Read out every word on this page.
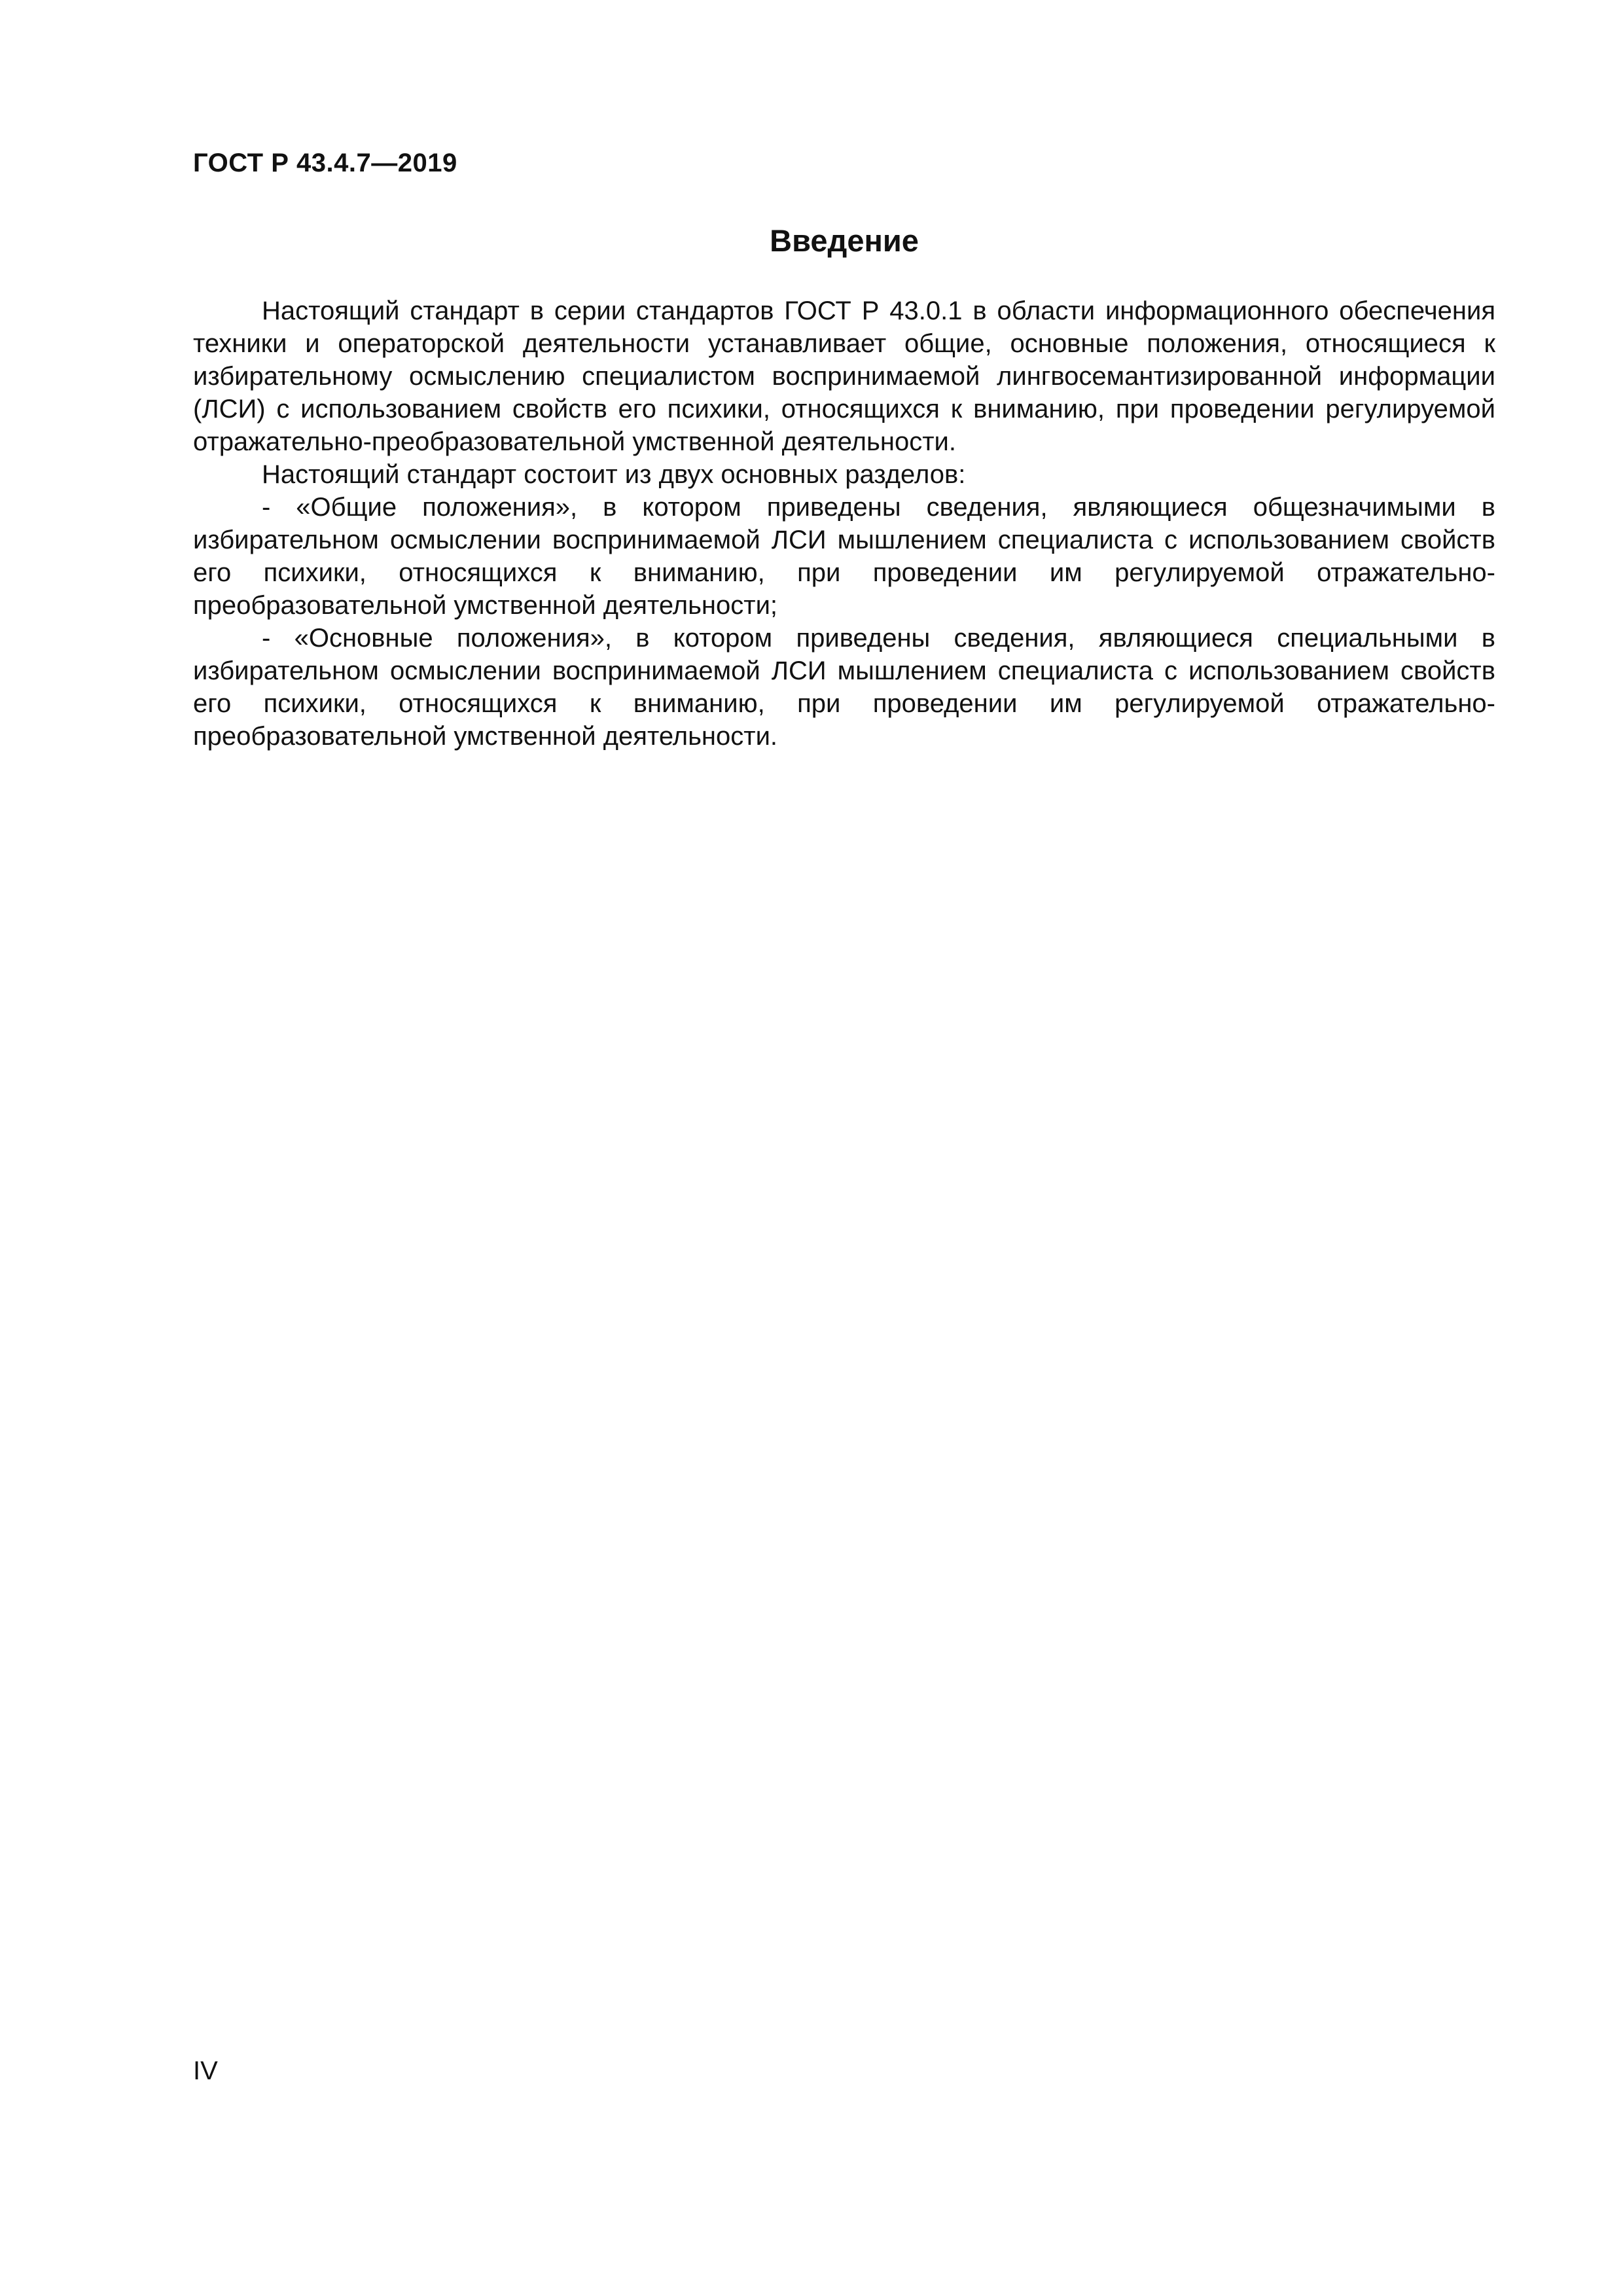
ГОСТ Р 43.4.7—2019
Введение

Настоящий стандарт в серии стандартов ГОСТ Р 43.0.1 в области информационного обеспечения техники и операторской деятельности устанавливает общие, основные положения, относящиеся к избирательному осмыслению специалистом воспринимаемой лингвосемантизированной информации (ЛСИ) с использованием свойств его психики, относящихся к вниманию, при проведении регулируемой отражательно-преобразовательной умственной деятельности.

Настоящий стандарт состоит из двух основных разделов:

- «Общие положения», в котором приведены сведения, являющиеся общезначимыми в избирательном осмыслении воспринимаемой ЛСИ мышлением специалиста с использованием свойств его психики, относящихся к вниманию, при проведении им регулируемой отражательно-преобразовательной умственной деятельности;

- «Основные положения», в котором приведены сведения, являющиеся специальными в избирательном осмыслении воспринимаемой ЛСИ мышлением специалиста с использованием свойств его психики, относящихся к вниманию, при проведении им регулируемой отражательно-преобразовательной умственной деятельности.

IV
